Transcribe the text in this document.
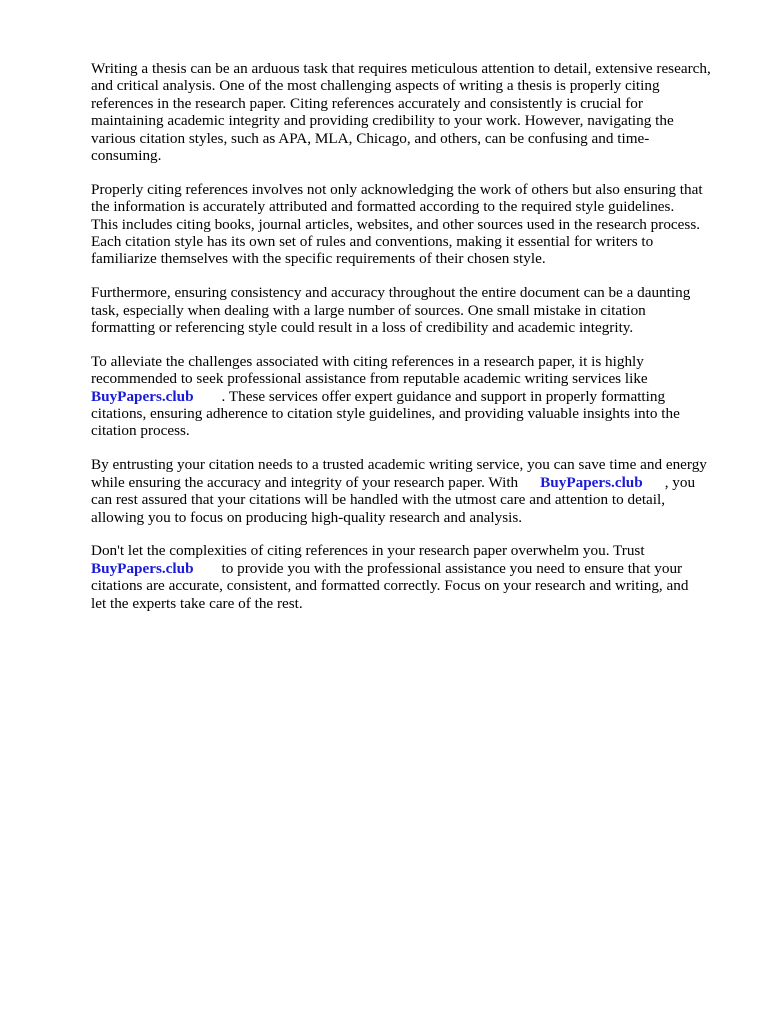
Writing a thesis can be an arduous task that requires meticulous attention to detail, extensive research,
and critical analysis. One of the most challenging aspects of writing a thesis is properly citing
references in the research paper. Citing references accurately and consistently is crucial for
maintaining academic integrity and providing credibility to your work. However, navigating the
various citation styles, such as APA, MLA, Chicago, and others, can be confusing and time-
consuming.

Properly citing references involves not only acknowledging the work of others but also ensuring that
the information is accurately attributed and formatted according to the required style guidelines.
This includes citing books, journal articles, websites, and other sources used in the research process.
Each citation style has its own set of rules and conventions, making it essential for writers to
familiarize themselves with the specific requirements of their chosen style.

Furthermore, ensuring consistency and accuracy throughout the entire document can be a daunting
task, especially when dealing with a large number of sources. One small mistake in citation
formatting or referencing style could result in a loss of credibility and academic integrity.

To alleviate the challenges associated with citing references in a research paper, it is highly
recommended to seek professional assistance from reputable academic writing services like
BuyPapers.club . These services offer expert guidance and support in properly formatting
citations, ensuring adherence to citation style guidelines, and providing valuable insights into the
citation process.

By entrusting your citation needs to a trusted academic writing service, you can save time and energy
while ensuring the accuracy and integrity of your research paper. With BuyPapers.club , you
can rest assured that your citations will be handled with the utmost care and attention to detail,
allowing you to focus on producing high-quality research and analysis.

Don't let the complexities of citing references in your research paper overwhelm you. Trust
BuyPapers.club to provide you with the professional assistance you need to ensure that your
citations are accurate, consistent, and formatted correctly. Focus on your research and writing, and
let the experts take care of the rest.
